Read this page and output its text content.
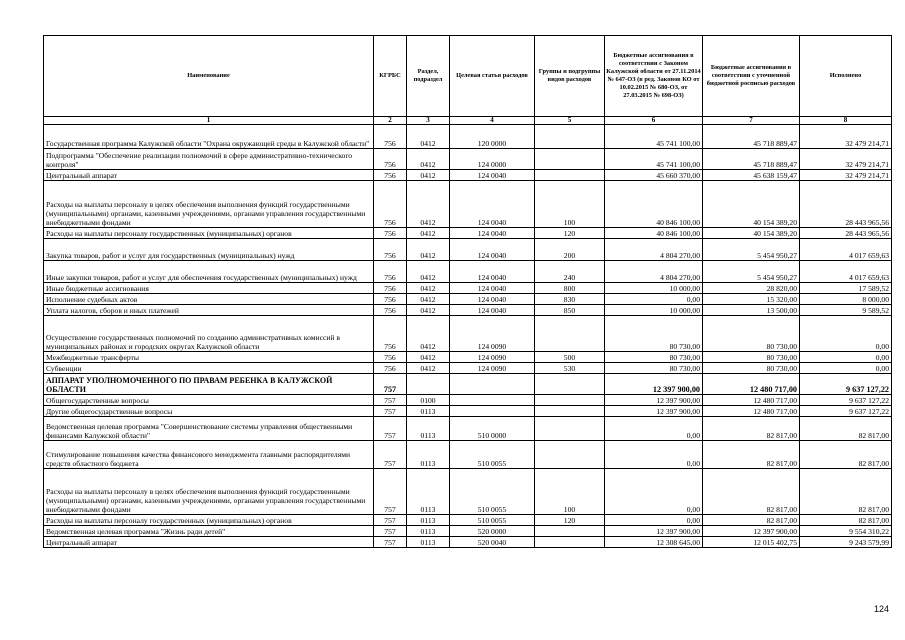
Наименование	КГРБС	Раздел, подраздел	Целевая статья расходов	Группы и подгруппы видов расходов	Бюджетные ассигнования в соответствии с Законом Калужской области от 27.11.2014 № 647-ОЗ (в ред. Законов КО от 10.02.2015 № 680-ОЗ, от 27.03.2015 № 698-ОЗ)	Бюджетные ассигнования в соответствии с уточненной бюджетной росписью расходов	Исполнено
1	2	3	4	5	6	7	8
Государственная программа Калужской области "Охрана окружающей среды в Калужской области"	756	0412	120 0000		45 741 100,00	45 718 889,47	32 479 214,71
Подпрограмма "Обеспечение реализации полномочий в сфере административно-технического контроля"	756	0412	124 0000		45 741 100,00	45 718 889,47	32 479 214,71
Центральный аппарат	756	0412	124 0040		45 660 370,00	45 638 159,47	32 479 214,71
Расходы на выплаты персоналу в целях обеспечения выполнения функций государственными (муниципальными) органами, казенными учреждениями, органами управления государственными внебюджетными фондами	756	0412	124 0040	100	40 846 100,00	40 154 389,20	28 443 965,56
Расходы на выплаты персоналу государственных (муниципальных) органов	756	0412	124 0040	120	40 846 100,00	40 154 389,20	28 443 965,56
Закупка товаров, работ и услуг для государственных (муниципальных) нужд	756	0412	124 0040	200	4 804 270,00	5 454 950,27	4 017 659,63
Иные закупки товаров, работ и услуг для обеспечения государственных (муниципальных) нужд	756	0412	124 0040	240	4 804 270,00	5 454 950,27	4 017 659,63
Иные бюджетные ассигнования	756	0412	124 0040	800	10 000,00	28 820,00	17 589,52
Исполнение судебных актов	756	0412	124 0040	830	0,00	15 320,00	8 000,00
Уплата налогов, сборов и иных платежей	756	0412	124 0040	850	10 000,00	13 500,00	9 589,52
Осуществление государственных полномочий по созданию административных комиссий в муниципальных районах и городских округах Калужской области	756	0412	124 0090		80 730,00	80 730,00	0,00
Межбюджетные трансферты	756	0412	124 0090	500	80 730,00	80 730,00	0,00
Субвенции	756	0412	124 0090	530	80 730,00	80 730,00	0,00
АППАРАТ УПОЛНОМОЧЕННОГО ПО ПРАВАМ РЕБЕНКА В КАЛУЖСКОЙ ОБЛАСТИ	757				12 397 900,00	12 480 717,00	9 637 127,22
Общегосударственные вопросы	757	0100			12 397 900,00	12 480 717,00	9 637 127,22
Другие общегосударственные вопросы	757	0113			12 397 900,00	12 480 717,00	9 637 127,22
Ведомственная целевая программа "Совершенствование системы управления общественными финансами Калужской области"	757	0113	510 0000		0,00	82 817,00	82 817,00
Стимулирование повышения качества финансового менеджмента главными распорядителями средств областного бюджета	757	0113	510 0055		0,00	82 817,00	82 817,00
Расходы на выплаты персоналу в целях обеспечения выполнения функций государственными (муниципальными) органами, казенными учреждениями, органами управления государственными внебюджетными фондами	757	0113	510 0055	100	0,00	82 817,00	82 817,00
Расходы на выплаты персоналу государственных (муниципальных) органов	757	0113	510 0055	120	0,00	82 817,00	82 817,00
Ведомственная целевая программа "Жизнь ради детей"	757	0113	520 0000		12 397 900,00	12 397 900,00	9 554 310,22
Центральный аппарат	757	0113	520 0040		12 308 645,00	12 015 402,75	9 243 579,99
124
